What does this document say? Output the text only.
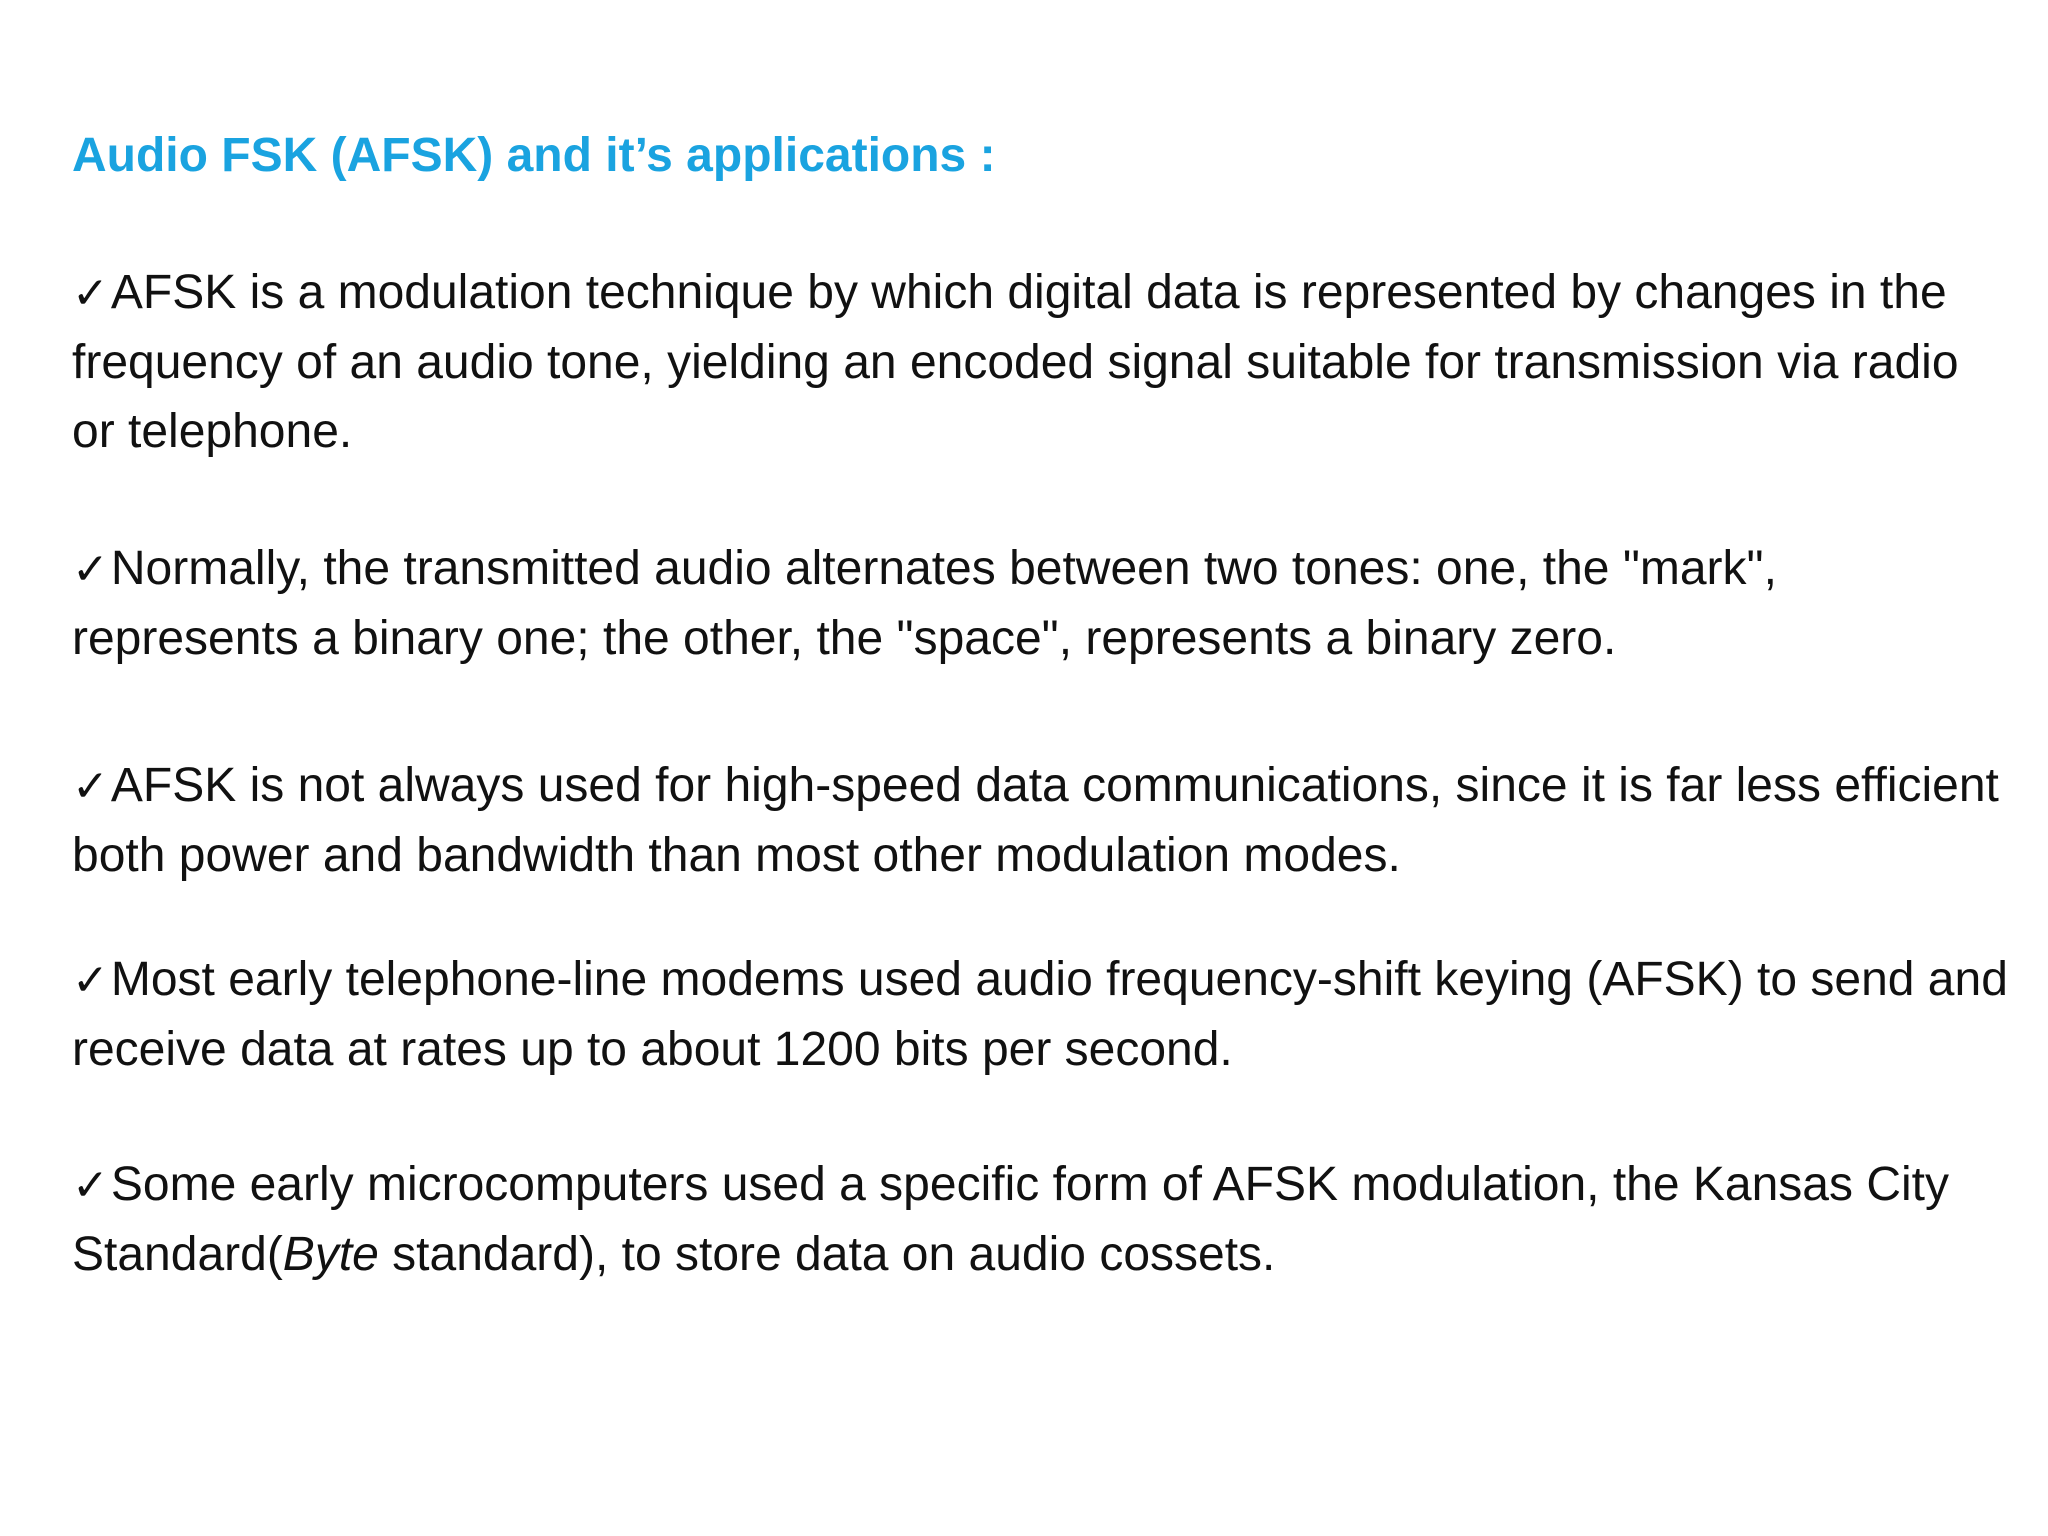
Audio FSK (AFSK) and it’s applications :

✓AFSK is a modulation technique by which digital data is represented by changes in the frequency of an audio tone, yielding an encoded signal suitable for transmission via radio or telephone.

✓Normally, the transmitted audio alternates between two tones: one, the "mark", represents a binary one; the other, the "space", represents a binary zero.

✓AFSK is not always used for high-speed data communications, since it is far less efficient both power and bandwidth than most other modulation modes.

✓Most early telephone-line modems used audio frequency-shift keying (AFSK) to send and receive data at rates up to about 1200 bits per second.

✓Some early microcomputers used a specific form of AFSK modulation, the Kansas City Standard(Byte standard), to store data on audio cossets.
